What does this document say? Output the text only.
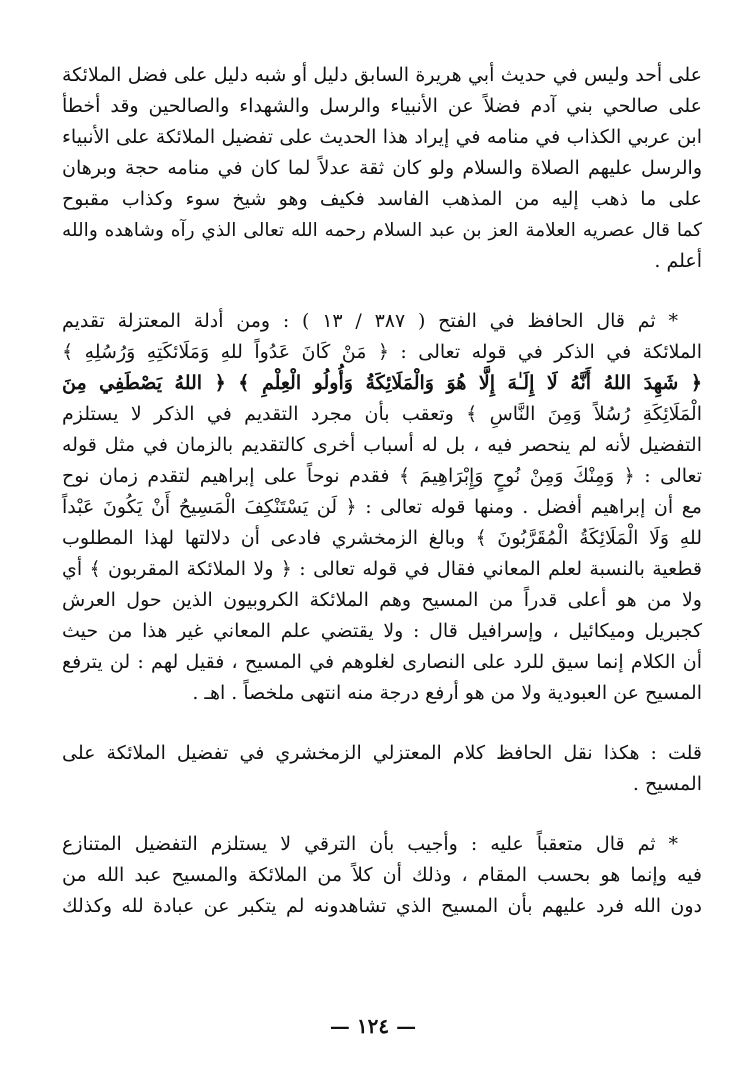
على أحد وليس في حديث أبي هريرة السابق دليل أو شبه دليل على فضل الملائكة
على صالحي بني آدم فضلاً عن الأنبياء والرسل والشهداء والصالحين وقد أخطأ
ابن عربي الكذاب في منامه في إيراد هذا الحديث على تفضيل الملائكة على الأنبياء
والرسل عليهم الصلاة والسلام ولو كان ثقة عدلاً لما كان في منامه حجة وبرهان
على ما ذهب إليه من المذهب الفاسد فكيف وهو شيخ سوء وكذاب مقبوح
كما قال عصريه العلامة العز بن عبد السلام رحمه الله تعالى الذي رآه وشاهده والله
أعلم .

* ثم قال الحافظ في الفتح ( ٣٨٧ / ١٣ ) : ومن أدلة المعتزلة تقديم
الملائكة في الذكر في قوله تعالى : ﴿ مَنْ كَانَ عَدُواً للهِ وَمَلَائكَتِهِ وَرُسُلِهِ ﴾
﴿ شَهِدَ اللهُ أَنَّهُ لَا إِلَـٰهَ إِلَّا هُوَ وَالْمَلَائِكَةُ وَأُولُو الْعِلْمِ ﴾ ﴿ اللهُ يَصْطَفِي مِنَ
الْمَلَائِكَةِ رُسُلاً وَمِنَ النَّاسِ ﴾ وتعقب بأن مجرد التقديم في الذكر لا يستلزم
التفضيل لأنه لم ينحصر فيه ، بل له أسباب أخرى كالتقديم بالزمان في مثل قوله
تعالى : ﴿ وَمِنْكَ وَمِنْ نُوحٍ وَإِبْرَاهِيمَ ﴾ فقدم نوحاً على إبراهيم لتقدم زمان نوح
مع أن إبراهيم أفضل . ومنها قوله تعالى : ﴿ لَن يَسْتَنْكِفَ الْمَسِيحُ أَنْ يَكُونَ عَبْداً
للهِ وَلَا الْمَلَائِكَةُ الْمُقَرَّبُونَ ﴾ وبالغ الزمخشري فادعى أن دلالتها لهذا المطلوب
قطعية بالنسبة لعلم المعاني فقال في قوله تعالى : ﴿ ولا الملائكة المقربون ﴾ أي
ولا من هو أعلى قدراً من المسيح وهم الملائكة الكروبيون الذين حول العرش
كجبريل وميكائيل ، وإسرافيل قال : ولا يقتضي علم المعاني غير هذا من حيث
أن الكلام إنما سيق للرد على النصارى لغلوهم في المسيح ، فقيل لهم : لن يترفع
المسيح عن العبودية ولا من هو أرفع درجة منه انتهى ملخصاً . اهـ .

قلت : هكذا نقل الحافظ كلام المعتزلي الزمخشري في تفضيل الملائكة على
المسيح .

* ثم قال متعقباً عليه : وأجيب بأن الترقي لا يستلزم التفضيل المتنازع
فيه وإنما هو بحسب المقام ، وذلك أن كلاً من الملائكة والمسيح عبد الله من
دون الله فرد عليهم بأن المسيح الذي تشاهدونه لم يتكبر عن عبادة لله وكذلك

— ١٢٤ —
